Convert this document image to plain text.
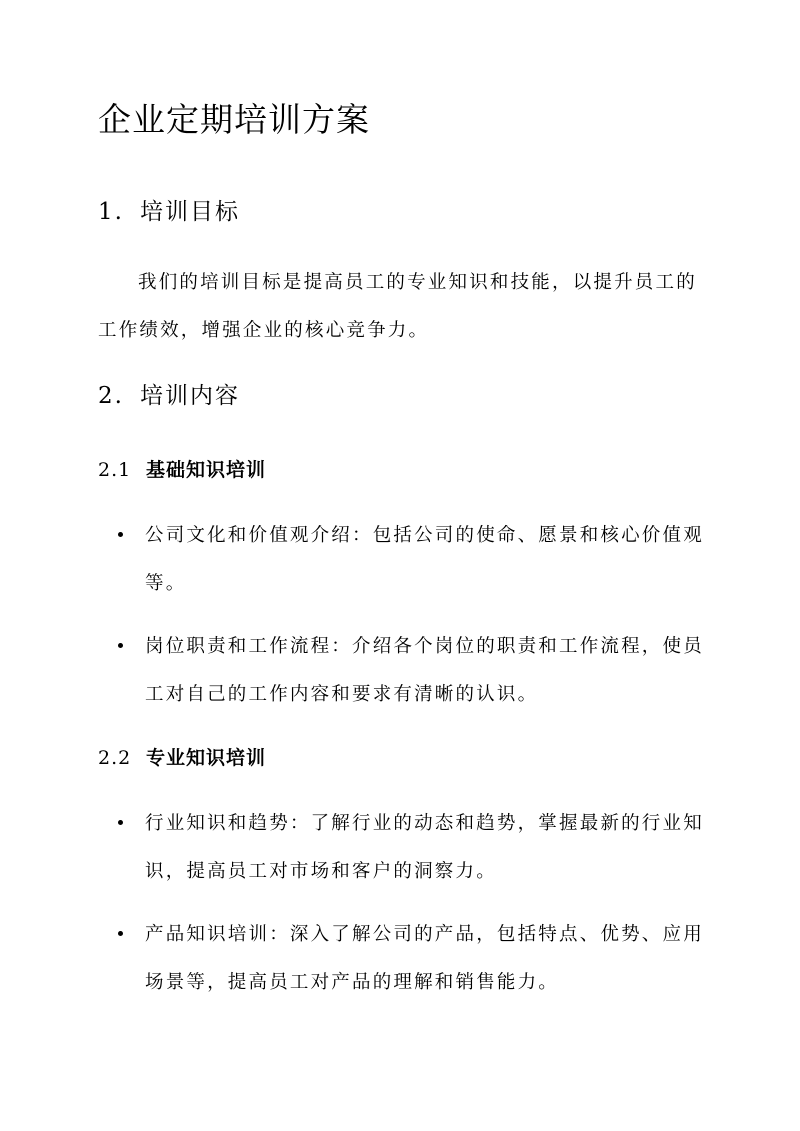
企业定期培训方案
1. 培训目标

我们的培训目标是提高员工的专业知识和技能，以提升员工的工作绩效，增强企业的核心竞争力。

2. 培训内容
2.1 基础知识培训
公司文化和价值观介绍：包括公司的使命、愿景和核心价值观等。
岗位职责和工作流程：介绍各个岗位的职责和工作流程，使员工对自己的工作内容和要求有清晰的认识。
2.2 专业知识培训
行业知识和趋势：了解行业的动态和趋势，掌握最新的行业知识，提高员工对市场和客户的洞察力。
产品知识培训：深入了解公司的产品，包括特点、优势、应用场景等，提高员工对产品的理解和销售能力。
